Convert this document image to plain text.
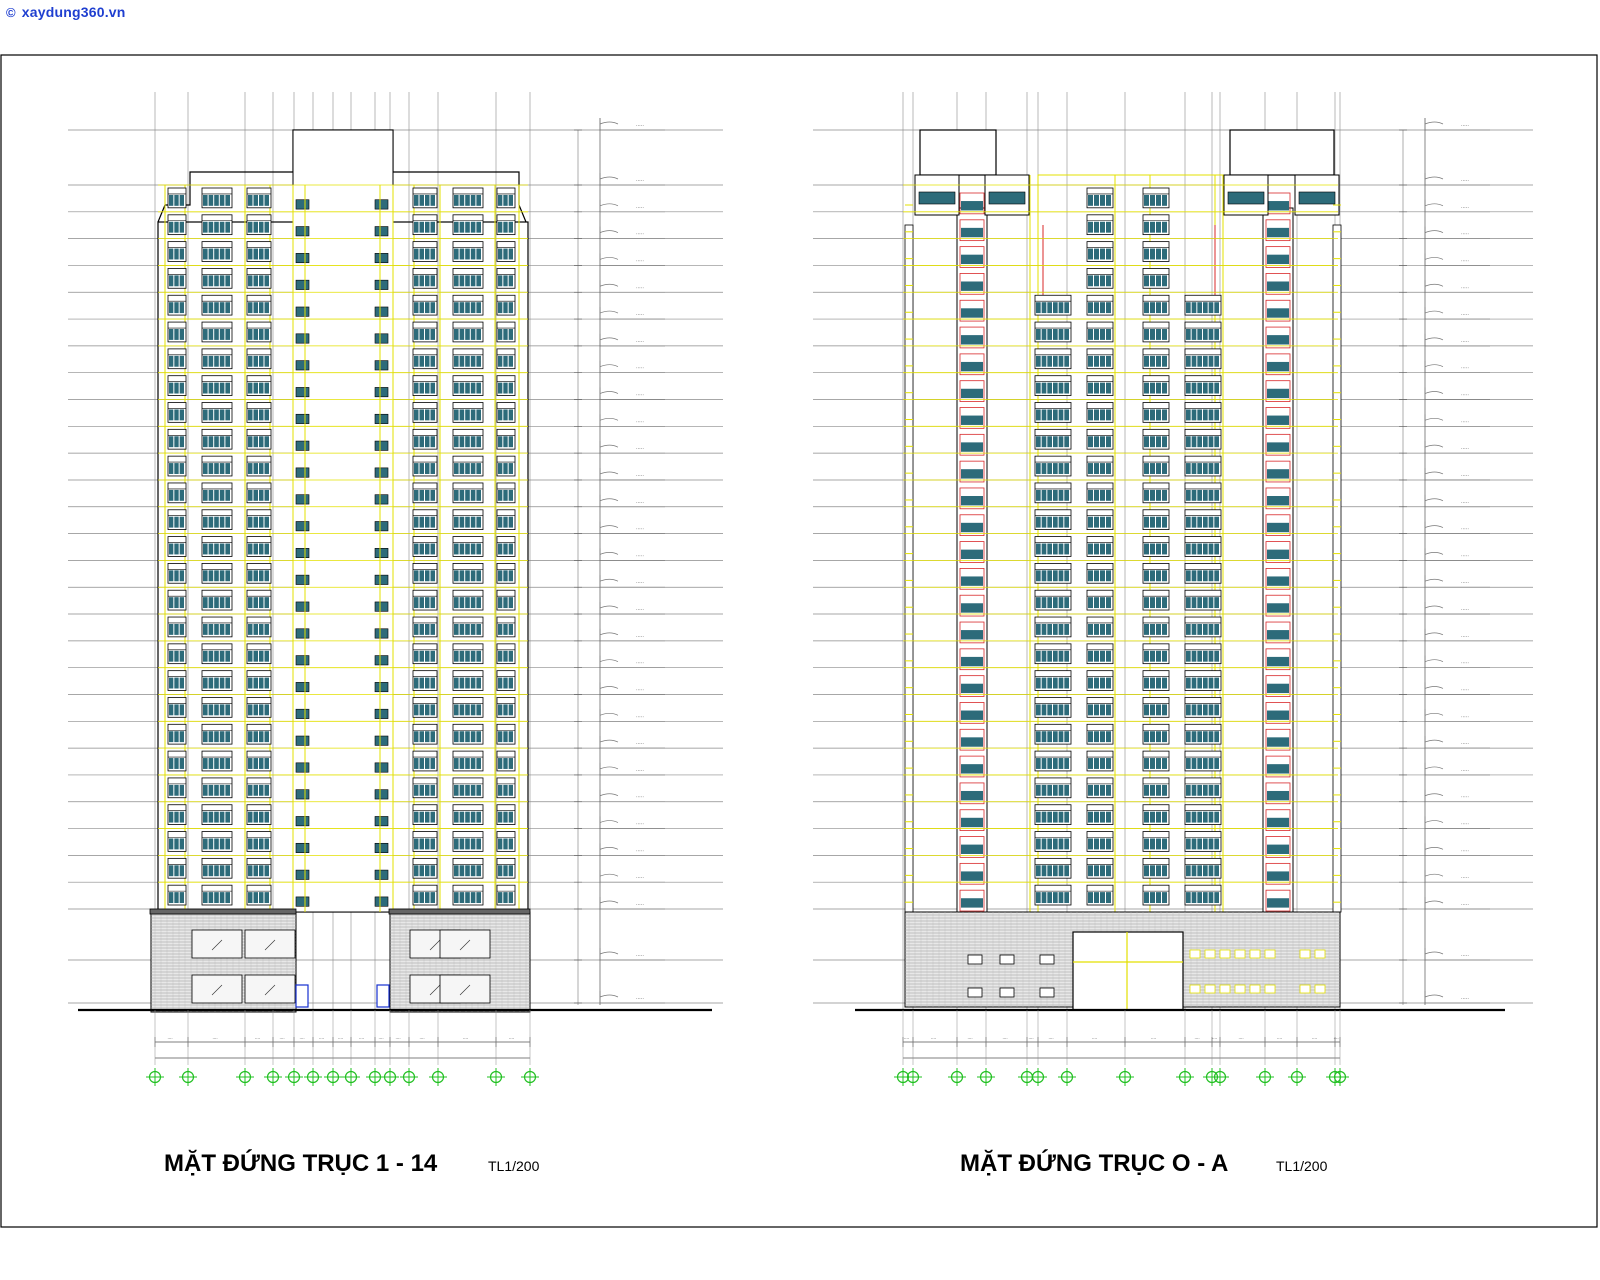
© xaydung360.vn
·····
·····
·····
·····
·····
·····
·····
·····
·····
·····
·····
·····
·····
·····
·····
·····
·····
·····
·····
·····
·····
·····
·····
·····
·····
·····
·····
·····
·····
·····
·····
····	····	····	····	····	····	····	····	····	····	····	····	····
·····
·····
·····
·····
·····
·····
·····
·····
·····
·····
·····
·····
·····
·····
·····
·····
·····
·····
·····
·····
·····
·····
·····
·····
·····
·····
·····
·····
·····
·····
·····
····	····	····	····	····	····	····	····	····	····	····	····	····	····
MẶT ĐỨNG TRỤC 1 - 14	TL1/200	MẶT ĐỨNG TRỤC O - A	TL1/200
